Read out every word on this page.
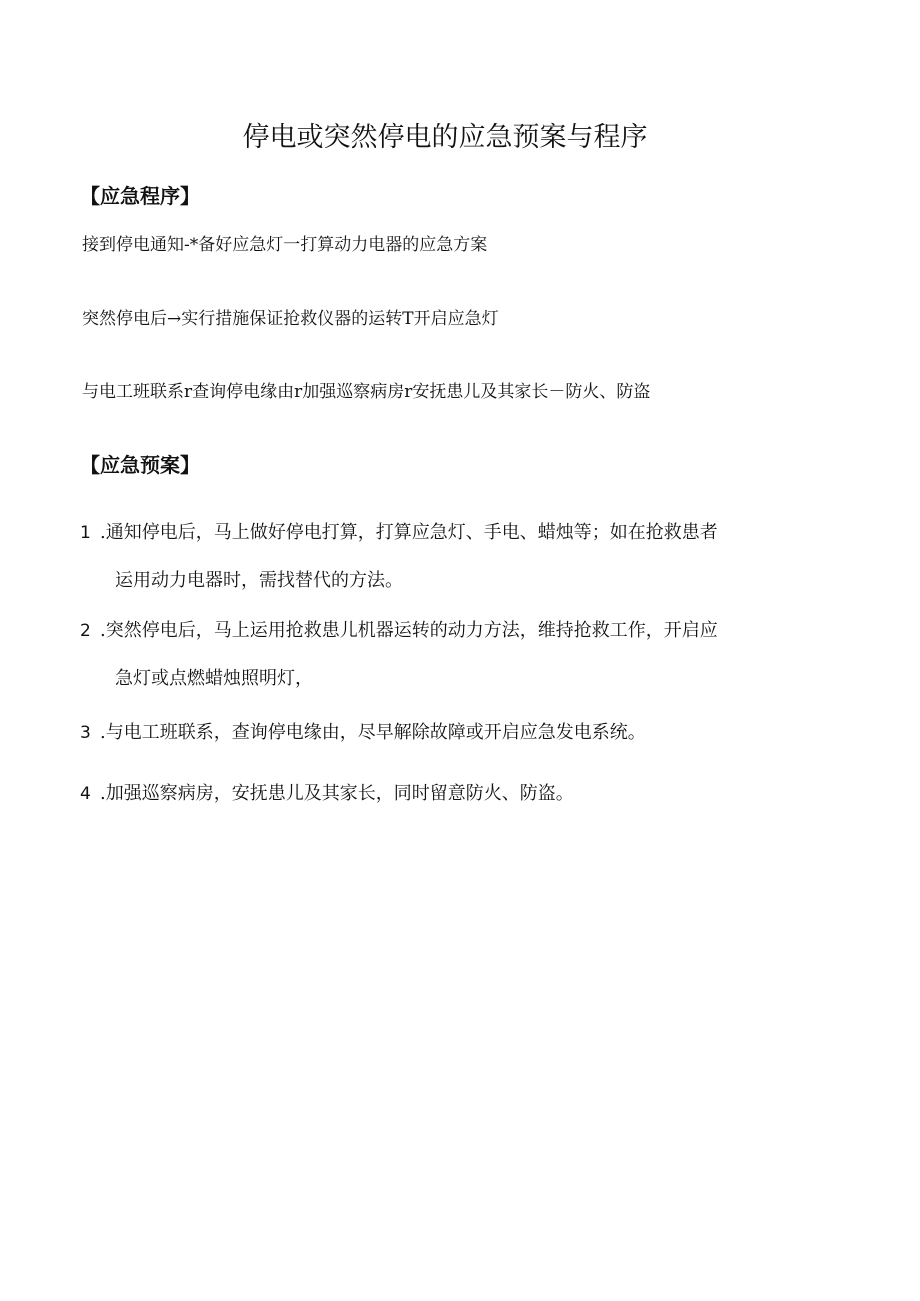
停电或突然停电的应急预案与程序
【应急程序】

接到停电通知-*备好应急灯一打算动力电器的应急方案

突然停电后→实行措施保证抢救仪器的运转T开启应急灯

与电工班联系r查询停电缘由r加强巡察病房r安抚患儿及其家长－防火、防盗

【应急预案】
1 .通知停电后，马上做好停电打算，打算应急灯、手电、蜡烛等；如在抢救患者
运用动力电器时，需找替代的方法。
2 .突然停电后，马上运用抢救患儿机器运转的动力方法，维持抢救工作，开启应
急灯或点燃蜡烛照明灯，
3 .与电工班联系，查询停电缘由，尽早解除故障或开启应急发电系统。
4 .加强巡察病房，安抚患儿及其家长，同时留意防火、防盗。
